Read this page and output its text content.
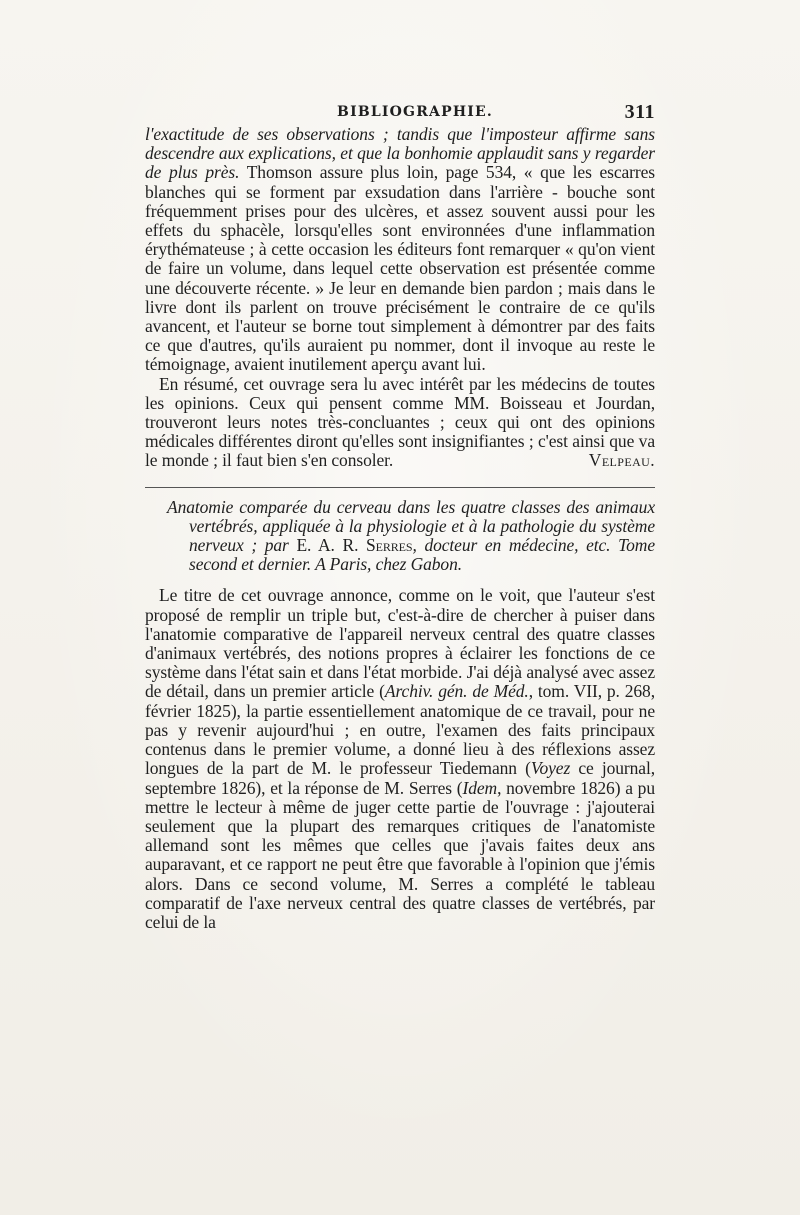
BIBLIOGRAPHIE.	311

l'exactitude de ses observations ; tandis que l'imposteur affirme sans descendre aux explications, et que la bonhomie applaudit sans y regarder de plus près. Thomson assure plus loin, page 534, « que les escarres blanches qui se forment par exsudation dans l'arrière - bouche sont fréquemment prises pour des ulcères, et assez souvent aussi pour les effets du sphacèle, lorsqu'elles sont environnées d'une inflammation érythémateuse ; à cette occasion les éditeurs font remarquer « qu'on vient de faire un volume, dans lequel cette observation est présentée comme une découverte récente. » Je leur en demande bien pardon ; mais dans le livre dont ils parlent on trouve précisément le contraire de ce qu'ils avancent, et l'auteur se borne tout simplement à démontrer par des faits ce que d'autres, qu'ils auraient pu nommer, dont il invoque au reste le témoignage, avaient inutilement aperçu avant lui.

En résumé, cet ouvrage sera lu avec intérêt par les médecins de toutes les opinions. Ceux qui pensent comme MM. Boisseau et Jourdan, trouveront leurs notes très-concluantes ; ceux qui ont des opinions médicales différentes diront qu'elles sont insignifiantes ; c'est ainsi que va le monde ; il faut bien s'en consoler.	Velpeau.

Anatomie comparée du cerveau dans les quatre classes des animaux vertébrés, appliquée à la physiologie et à la pathologie du système nerveux ; par E. A. R. Serres, docteur en médecine, etc. Tome second et dernier. A Paris, chez Gabon.

Le titre de cet ouvrage annonce, comme on le voit, que l'auteur s'est proposé de remplir un triple but, c'est-à-dire de chercher à puiser dans l'anatomie comparative de l'appareil nerveux central des quatre classes d'animaux vertébrés, des notions propres à éclairer les fonctions de ce système dans l'état sain et dans l'état morbide. J'ai déjà analysé avec assez de détail, dans un premier article (Archiv. gén. de Méd., tom. VII, p. 268, février 1825), la partie essentiellement anatomique de ce travail, pour ne pas y revenir aujourd'hui ; en outre, l'examen des faits principaux contenus dans le premier volume, a donné lieu à des réflexions assez longues de la part de M. le professeur Tiedemann (Voyez ce journal, septembre 1826), et la réponse de M. Serres (Idem, novembre 1826) a pu mettre le lecteur à même de juger cette partie de l'ouvrage : j'ajouterai seulement que la plupart des remarques critiques de l'anatomiste allemand sont les mêmes que celles que j'avais faites deux ans auparavant, et ce rapport ne peut être que favorable à l'opinion que j'émis alors. Dans ce second volume, M. Serres a complété le tableau comparatif de l'axe nerveux central des quatre classes de vertébrés, par celui de la
